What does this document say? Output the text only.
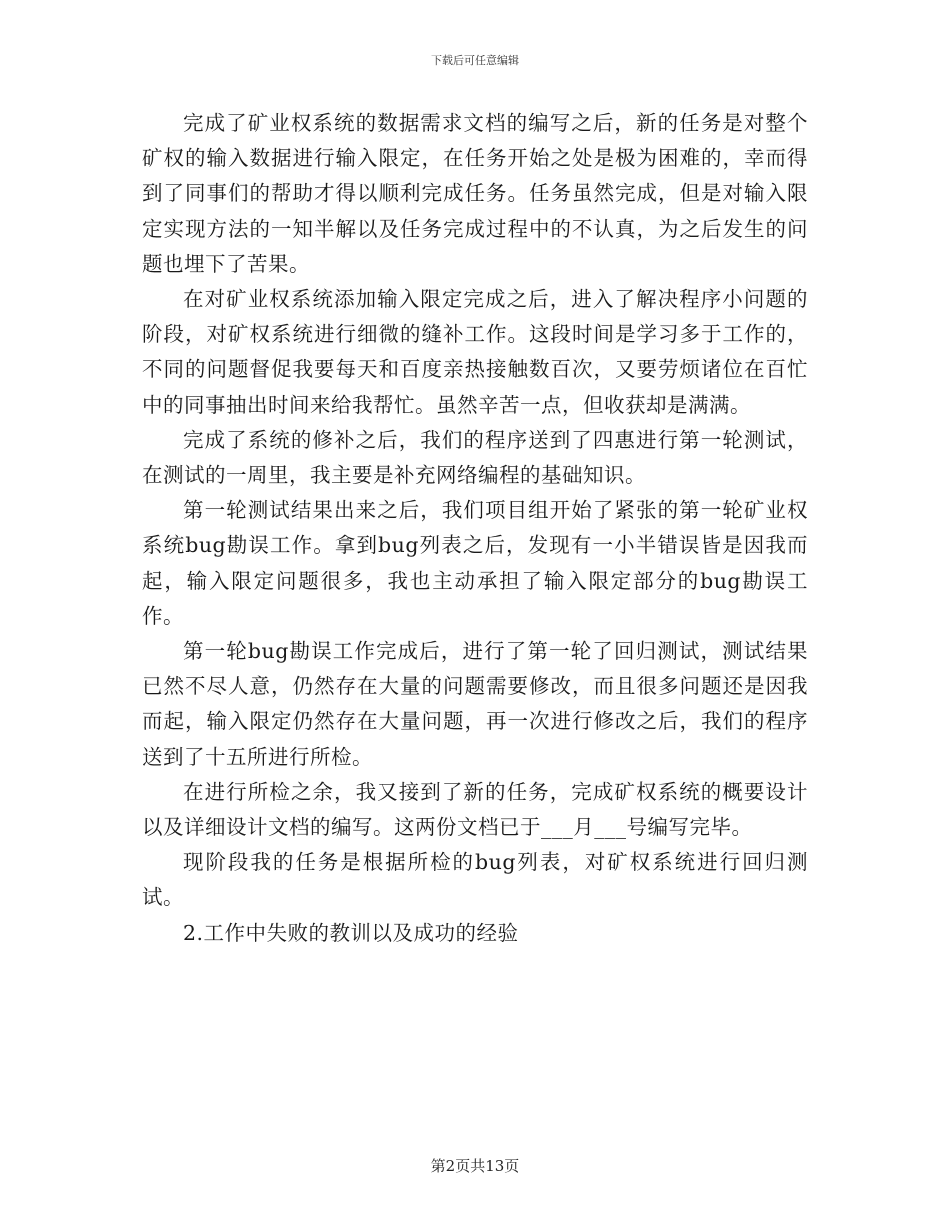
下载后可任意编辑

完成了矿业权系统的数据需求文档的编写之后，新的任务是对整个矿权的输入数据进行输入限定，在任务开始之处是极为困难的，幸而得到了同事们的帮助才得以顺利完成任务。任务虽然完成，但是对输入限定实现方法的一知半解以及任务完成过程中的不认真，为之后发生的问题也埋下了苦果。

在对矿业权系统添加输入限定完成之后，进入了解决程序小问题的阶段，对矿权系统进行细微的缝补工作。这段时间是学习多于工作的，不同的问题督促我要每天和百度亲热接触数百次，又要劳烦诸位在百忙中的同事抽出时间来给我帮忙。虽然辛苦一点，但收获却是满满。

完成了系统的修补之后，我们的程序送到了四惠进行第一轮测试，在测试的一周里，我主要是补充网络编程的基础知识。

第一轮测试结果出来之后，我们项目组开始了紧张的第一轮矿业权系统bug勘误工作。拿到bug列表之后，发现有一小半错误皆是因我而起，输入限定问题很多，我也主动承担了输入限定部分的bug勘误工作。

第一轮bug勘误工作完成后，进行了第一轮了回归测试，测试结果已然不尽人意，仍然存在大量的问题需要修改，而且很多问题还是因我而起，输入限定仍然存在大量问题，再一次进行修改之后，我们的程序送到了十五所进行所检。

在进行所检之余，我又接到了新的任务，完成矿权系统的概要设计以及详细设计文档的编写。这两份文档已于___月___号编写完毕。

现阶段我的任务是根据所检的bug列表，对矿权系统进行回归测试。

2.工作中失败的教训以及成功的经验

第2页共13页
